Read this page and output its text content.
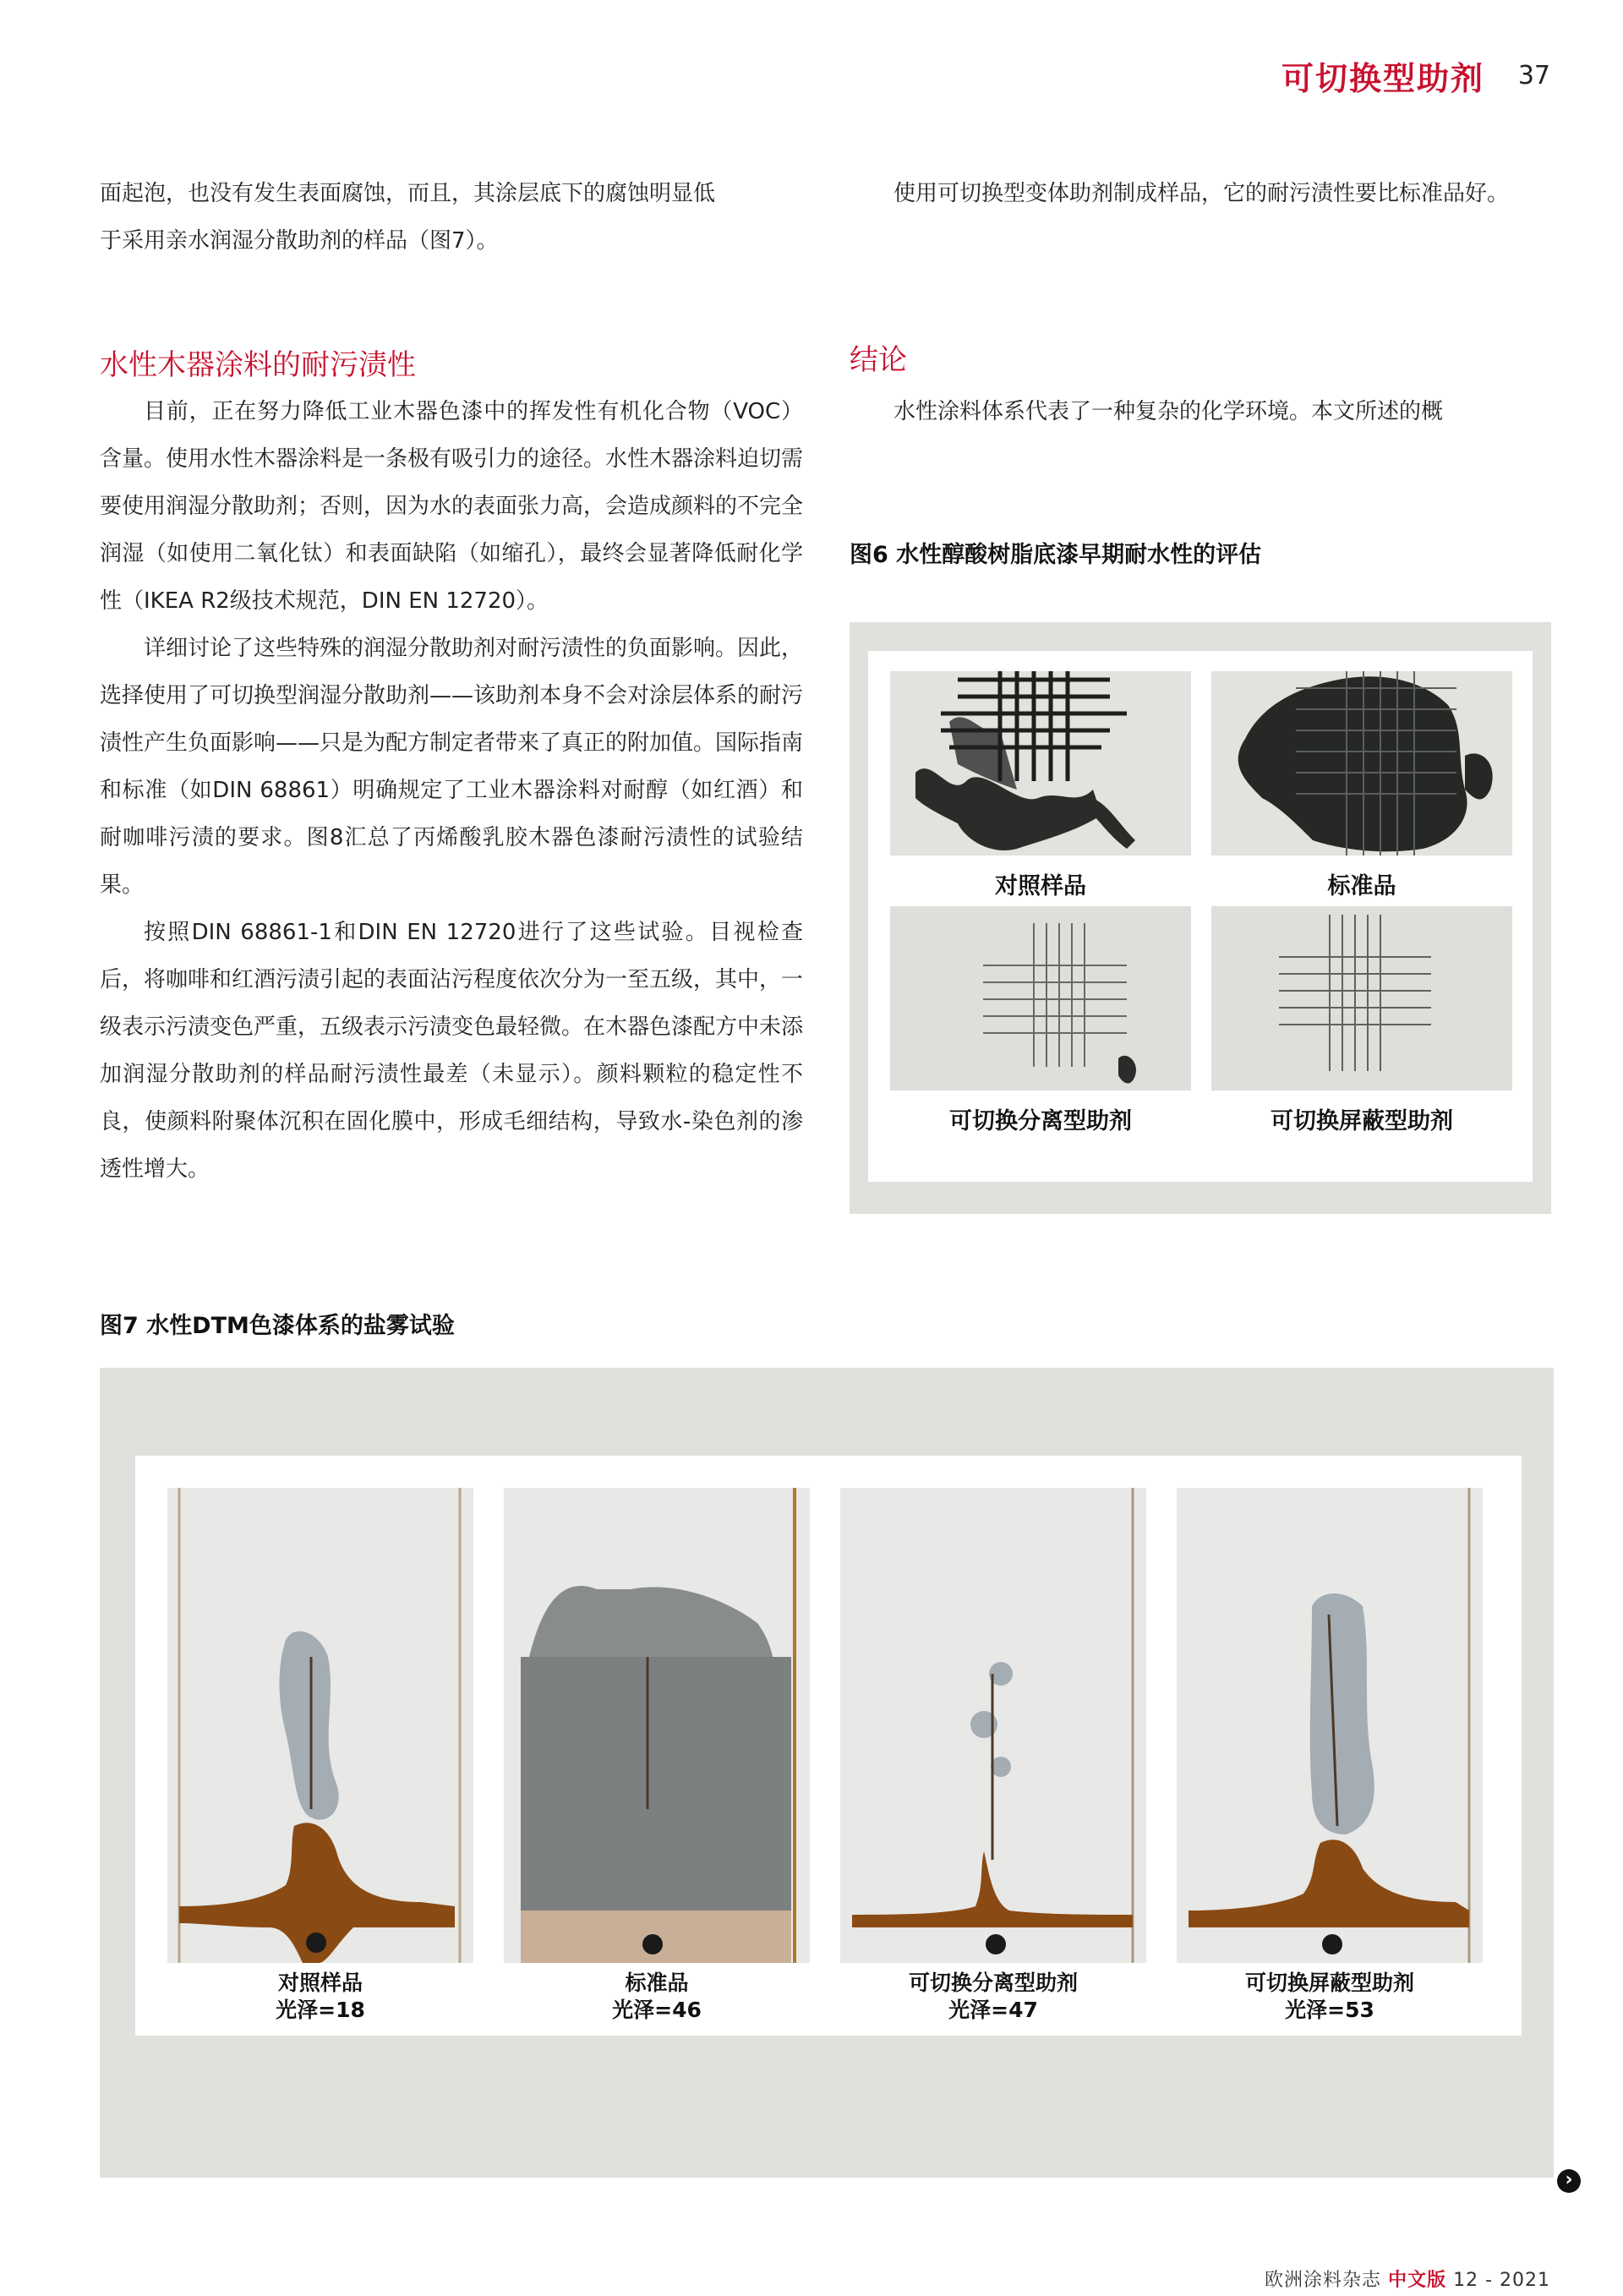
可切换型助剂 37

面起泡，也没有发生表面腐蚀，而且，其涂层底下的腐蚀明显低

于采用亲水润湿分散助剂的样品（图7）。

水性木器涂料的耐污渍性

目前，正在努力降低工业木器色漆中的挥发性有机化合物（VOC）含量。使用水性木器涂料是一条极有吸引力的途径。水性木器涂料迫切需要使用润湿分散助剂；否则，因为水的表面张力高，会造成颜料的不完全润湿（如使用二氧化钛）和表面缺陷（如缩孔），最终会显著降低耐化学性（IKEA R2级技术规范，DIN EN 12720）。

详细讨论了这些特殊的润湿分散助剂对耐污渍性的负面影响。因此，选择使用了可切换型润湿分散助剂——该助剂本身不会对涂层体系的耐污渍性产生负面影响——只是为配方制定者带来了真正的附加值。国际指南和标准（如DIN 68861）明确规定了工业木器涂料对耐醇（如红酒）和耐咖啡污渍的要求。图8汇总了丙烯酸乳胶木器色漆耐污渍性的试验结果。

按照DIN 68861-1和DIN EN 12720进行了这些试验。目视检查后，将咖啡和红酒污渍引起的表面沾污程度依次分为一至五级，其中，一级表示污渍变色严重，五级表示污渍变色最轻微。在木器色漆配方中未添加润湿分散助剂的样品耐污渍性最差（未显示）。颜料颗粒的稳定性不良，使颜料附聚体沉积在固化膜中，形成毛细结构，导致水-染色剂的渗透性增大。

使用可切换型变体助剂制成样品，它的耐污渍性要比标准品好。

结论

水性涂料体系代表了一种复杂的化学环境。本文所述的概

图6 水性醇酸树脂底漆早期耐水性的评估
对照样品	标准品
可切换分离型助剂	可切换屏蔽型助剂
图7 水性DTM色漆体系的盐雾试验
对照样品
光泽=18
标准品
光泽=46
可切换分离型助剂
光泽=47
可切换屏蔽型助剂
光泽=53
›
欧洲涂料杂志 中文版 12 - 2021
